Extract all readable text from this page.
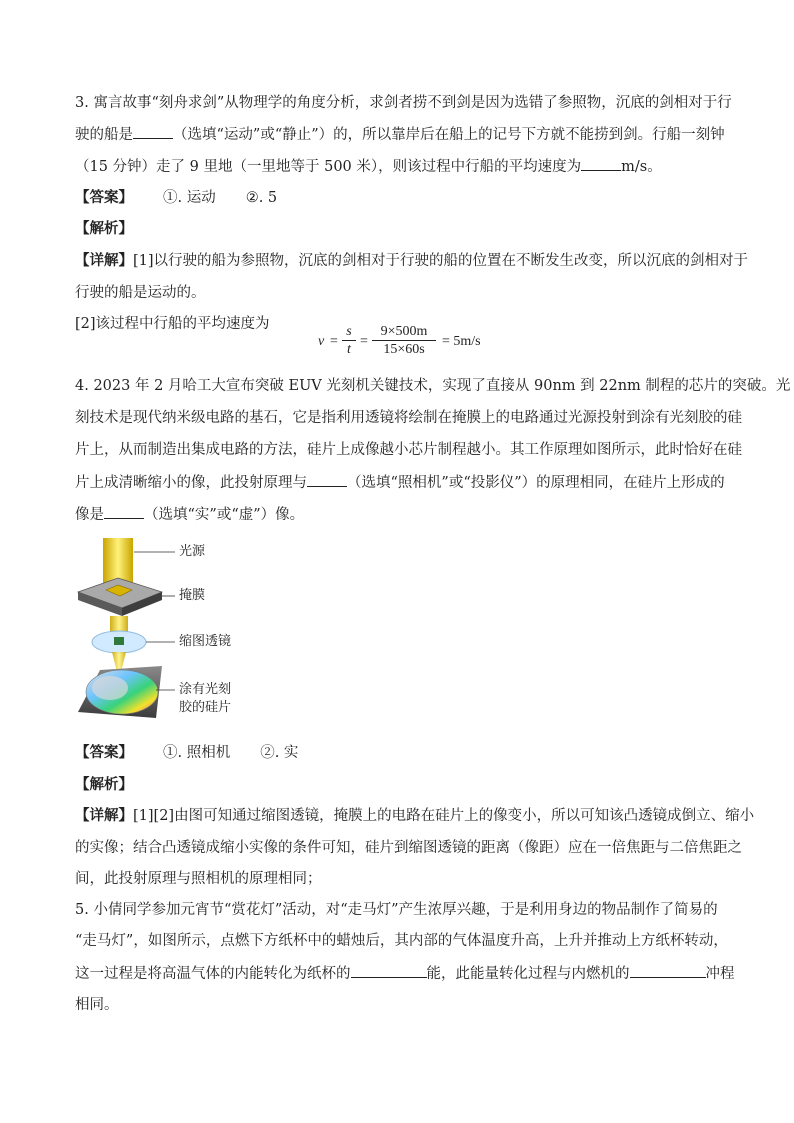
3. 寓言故事“刻舟求剑”从物理学的角度分析，求剑者捞不到剑是因为选错了参照物，沉底的剑相对于行
驶的船是	（选填“运动”或“静止”）的，所以靠岸后在船上的记号下方就不能捞到剑。行船一刻钟
（15 分钟）走了 9 里地（一里地等于 500 米），则该过程中行船的平均速度为	m/s。
【答案】 ①. 运动 ②. 5
【解析】
【详解】[1]以行驶的船为参照物，沉底的剑相对于行驶的船的位置在不断发生改变，所以沉底的剑相对于
行驶的船是运动的。
[2]该过程中行船的平均速度为
$v = \frac{s}{t} = \frac{9\times 500m}{15\times 60s} = 5m/s$
4. 2023 年 2 月哈工大宣布突破 EUV 光刻机关键技术，实现了直接从 90nm 到 22nm 制程的芯片的突破。光
刻技术是现代纳米级电路的基石，它是指利用透镜将绘制在掩膜上的电路通过光源投射到涂有光刻胶的硅
片上，从而制造出集成电路的方法，硅片上成像越小芯片制程越小。其工作原理如图所示，此时恰好在硅
片上成清晰缩小的像，此投射原理与	（选填“照相机”或“投影仪”）的原理相同，在硅片上形成的
像是	（选填“实”或“虚”）像。
光源
掩膜
缩图透镜
涂有光刻
胶的硅片
【答案】 ①. 照相机 ②. 实
【解析】
【详解】[1][2]由图可知通过缩图透镜，掩膜上的电路在硅片上的像变小，所以可知该凸透镜成倒立、缩小
的实像；结合凸透镜成缩小实像的条件可知，硅片到缩图透镜的距离（像距）应在一倍焦距与二倍焦距之
间，此投射原理与照相机的原理相同；
5. 小倩同学参加元宵节“赏花灯”活动，对“走马灯”产生浓厚兴趣，于是利用身边的物品制作了简易的
“走马灯”，如图所示，点燃下方纸杯中的蜡烛后，其内部的气体温度升高，上升并推动上方纸杯转动，
这一过程是将高温气体的内能转化为纸杯的	能，此能量转化过程与内燃机的	冲程
相同。
